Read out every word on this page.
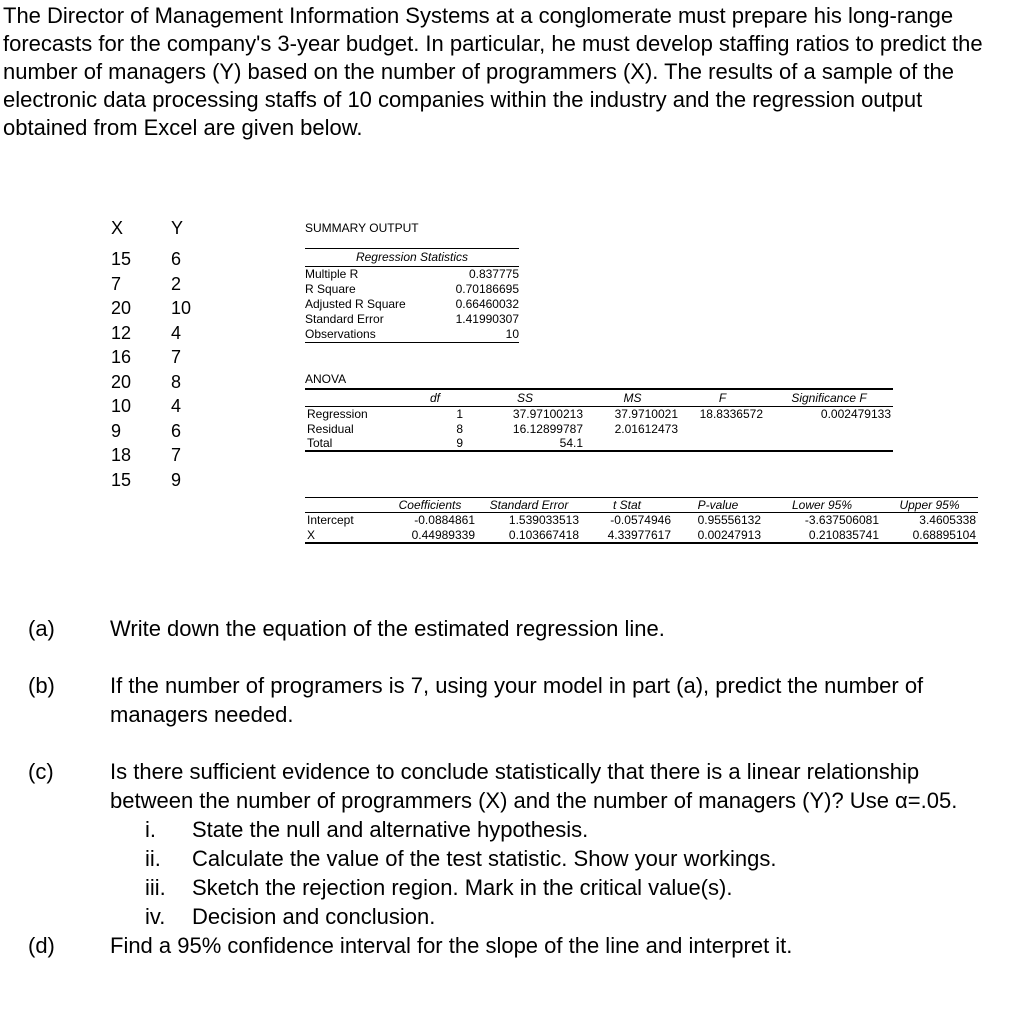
The Director of Management Information Systems at a conglomerate must prepare his long-range forecasts for the company's 3-year budget. In particular, he must develop staffing ratios to predict the number of managers (Y) based on the number of programmers (X). The results of a sample of the electronic data processing staffs of 10 companies within the industry and the regression output obtained from Excel are given below.
X	Y
15 6
7	2
20 10
12 4
16 7
20 8
10 4
9	6
18 7
15 9
SUMMARY OUTPUT
Regression Statistics
Multiple R	0.837775
R Square	0.70186695
Adjusted R Square	0.66460032
Standard Error	1.41990307
Observations	10
ANOVA
	df	SS	MS	F	Significance F
Regression	1	37.97100213	37.9710021	18.8336572	0.002479133
Residual	8	16.12899787	2.01612473		
Total	9	54.1			
	Coefficients	Standard Error	t Stat	P-value	Lower 95%	Upper 95%
Intercept	-0.0884861	1.539033513	-0.0574946	0.95556132	-3.637506081	3.4605338
X	0.44989339	0.103667418	4.33977617	0.00247913	0.210835741	0.68895104
(a)	Write down the equation of the estimated regression line.
(b)	If the number of programers is 7, using your model in part (a), predict the number of managers needed.
(c)	Is there sufficient evidence to conclude statistically that there is a linear relationship between the number of programmers (X) and the number of managers (Y)? Use α=.05.
i.	State the null and alternative hypothesis.
ii.	Calculate the value of the test statistic. Show your workings.
iii.	Sketch the rejection region. Mark in the critical value(s).
iv.	Decision and conclusion.
(d)	Find a 95% confidence interval for the slope of the line and interpret it.
